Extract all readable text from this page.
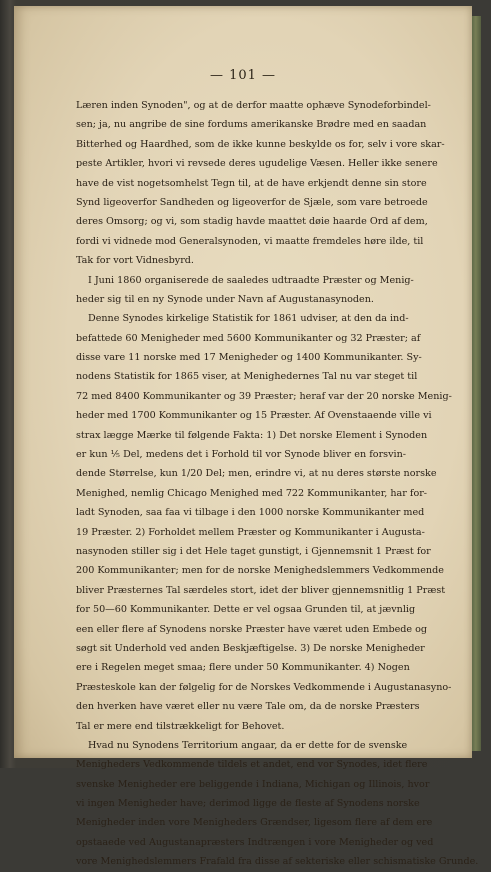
— 101 —
Læren inden Synoden", og at de derfor maatte ophæve Synodeforbindel-
sen; ja, nu angribe de sine fordums amerikanske Brødre med en saadan
Bitterhed og Haardhed, som de ikke kunne beskylde os for, selv i vore skar-
peste Artikler, hvori vi revsede deres ugudelige Væsen. Heller ikke senere
have de vist nogetsomhelst Tegn til, at de have erkjendt denne sin store
Synd ligeoverfor Sandheden og ligeoverfor de Sjæle, som vare betroede
deres Omsorg; og vi, som stadig havde maattet døie haarde Ord af dem,
fordi vi vidnede mod Generalsynoden, vi maatte fremdeles høre ilde, til
Tak for vort Vidnesbyrd.
I Juni 1860 organiserede de saaledes udtraadte Præster og Menig-
heder sig til en ny Synode under Navn af Augustanasynoden.
Denne Synodes kirkelige Statistik for 1861 udviser, at den da ind-
befattede 60 Menigheder med 5600 Kommunikanter og 32 Præster; af
disse vare 11 norske med 17 Menigheder og 1400 Kommunikanter. Sy-
nodens Statistik for 1865 viser, at Menighedernes Tal nu var steget til
72 med 8400 Kommunikanter og 39 Præster; heraf var der 20 norske Menig-
heder med 1700 Kommunikanter og 15 Præster. Af Ovenstaaende ville vi
strax lægge Mærke til følgende Fakta: 1) Det norske Element i Synoden
er kun ⅕ Del, medens det i Forhold til vor Synode bliver en forsvin-
dende Størrelse, kun 1/20 Del; men, erindre vi, at nu deres største norske
Menighed, nemlig Chicago Menighed med 722 Kommunikanter, har for-
ladt Synoden, saa faa vi tilbage i den 1000 norske Kommunikanter med
19 Præster. 2) Forholdet mellem Præster og Kommunikanter i Augusta-
nasynoden stiller sig i det Hele taget gunstigt, i Gjennemsnit 1 Præst for
200 Kommunikanter; men for de norske Menighedslemmers Vedkommende
bliver Præsternes Tal særdeles stort, idet der bliver gjennemsnitlig 1 Præst
for 50—60 Kommunikanter. Dette er vel ogsaa Grunden til, at jævnlig
een eller flere af Synodens norske Præster have været uden Embede og
søgt sit Underhold ved anden Beskjæftigelse. 3) De norske Menigheder
ere i Regelen meget smaa; flere under 50 Kommunikanter. 4) Nogen
Præsteskole kan der følgelig for de Norskes Vedkommende i Augustanasyno-
den hverken have været eller nu være Tale om, da de norske Præsters
Tal er mere end tilstrækkeligt for Behovet.
Hvad nu Synodens Territorium angaar, da er dette for de svenske
Menigheders Vedkommende tildels et andet, end vor Synodes, idet flere
svenske Menigheder ere beliggende i Indiana, Michigan og Illinois, hvor
vi ingen Menigheder have; derimod ligge de fleste af Synodens norske
Menigheder inden vore Menigheders Grændser, ligesom flere af dem ere
opstaaede ved Augustanapræsters Indtrængen i vore Menigheder og ved
vore Menighedslemmers Frafald fra disse af sekteriske eller schismatiske Grunde.
